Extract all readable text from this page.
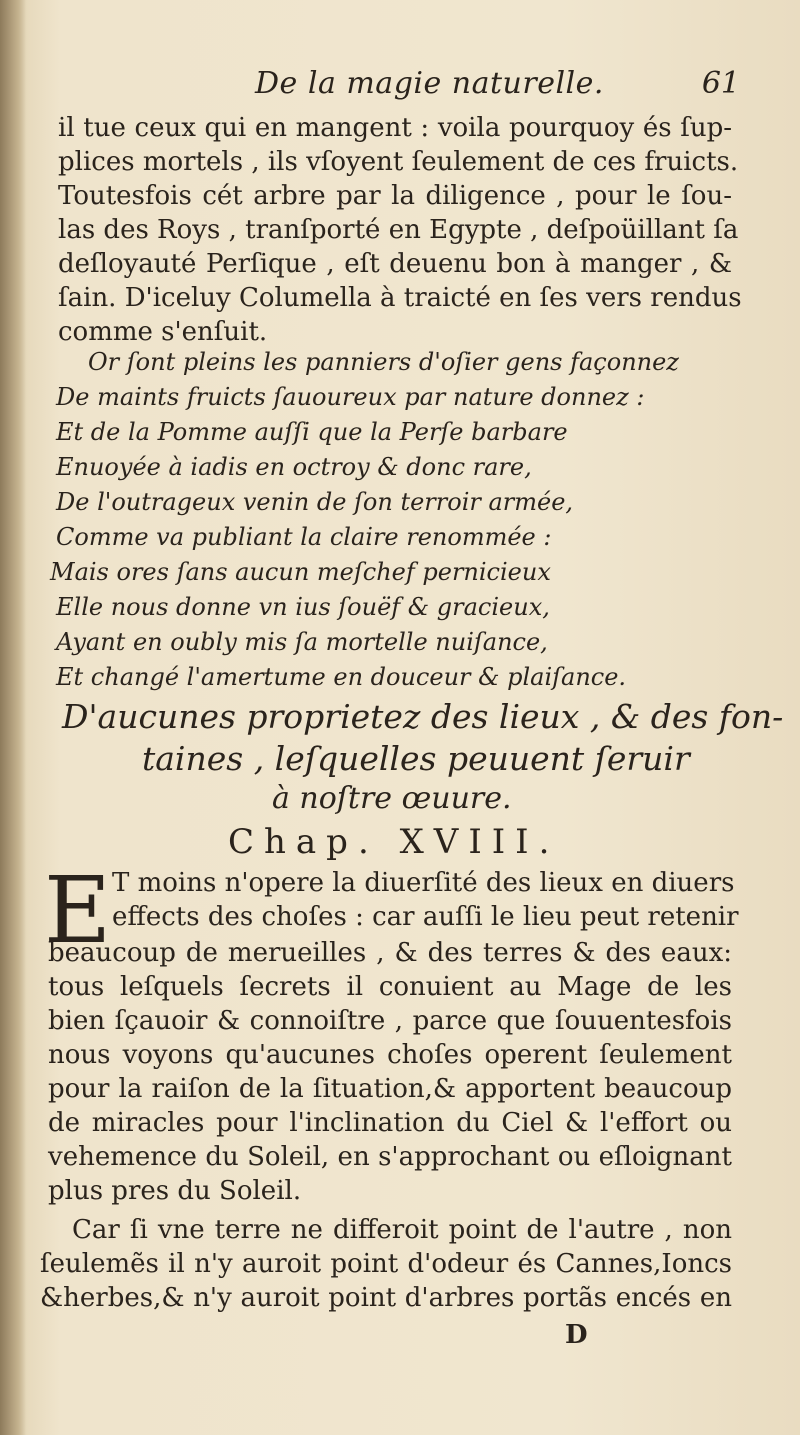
De la magie naturelle.	61
il tue ceux qui en mangent : voila pourquoy és ſup-
plices mortels , ils vſoyent ſeulement de ces fruicts.
Toutesfois cét arbre par la diligence , pour le ſou-
las des Roys , tranſporté en Egypte , deſpoüillant ſa
deſloyauté Perſique , eſt deuenu bon à manger , &
ſain. D'iceluy Columella à traicté en ſes vers rendus
comme s'enſuit.
Or ſont pleins les panniers d'oſier gens façonnez
De maints fruicts ſauoureux par nature donnez :
Et de la Pomme auſſi que la Perſe barbare
Enuoyée à iadis en octroy & donc rare,
De l'outrageux venin de ſon terroir armée,
Comme va publiant la claire renommée :
Mais ores ſans aucun meſchef pernicieux
Elle nous donne vn ius ſouëf & gracieux,
Ayant en oubly mis ſa mortelle nuiſance,
Et changé l'amertume en douceur & plaiſance.
D'aucunes proprietez des lieux , & des fon-
taines , leſquelles peuuent ſeruir
à noſtre œuure.
Chap. XVIII.
E T moins n'opere la diuerſité des lieux en diuers
effects des choſes : car auſſi le lieu peut retenir
beaucoup de merueilles , & des terres & des eaux:
tous leſquels ſecrets il conuient au Mage de les
bien ſçauoir & connoiſtre , parce que ſouuentesfois
nous voyons qu'aucunes choſes operent ſeulement
pour la raiſon de la ſituation,& apportent beaucoup
de miracles pour l'inclination du Ciel & l'effort ou
vehemence du Soleil, en s'approchant ou eſloignant
plus pres du Soleil.
Car ſi vne terre ne differoit point de l'autre , non
ſeulemẽs il n'y auroit point d'odeur és Cannes,Ioncs
&herbes,& n'y auroit point d'arbres portãs encés en
D
